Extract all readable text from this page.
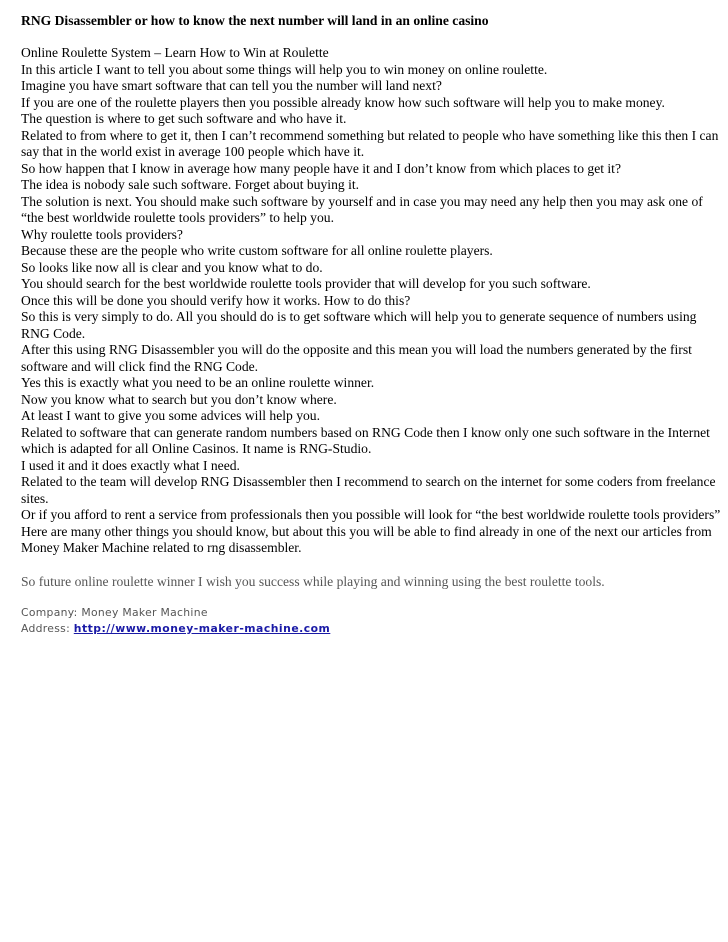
RNG Disassembler or how to know the next number will land in an online casino

Online Roulette System – Learn How to Win at Roulette

In this article I want to tell you about some things will help you to win money on online roulette.

Imagine you have smart software that can tell you the number will land next?

If you are one of the roulette players then you possible already know how such software will help you to make money.

The question is where to get such software and who have it.

Related to from where to get it, then I can’t recommend something but related to people who have something like this then I can say that in the world exist in average 100 people which have it.

So how happen that I know in average how many people have it and I don’t know from which places to get it?

The idea is nobody sale such software. Forget about buying it.

The solution is next. You should make such software by yourself and in case you may need any help then you may ask one of “the best worldwide roulette tools providers” to help you.

Why roulette tools providers?

Because these are the people who write custom software for all online roulette players.

So looks like now all is clear and you know what to do.

You should search for the best worldwide roulette tools provider that will develop for you such software.

Once this will be done you should verify how it works. How to do this?

So this is very simply to do. All you should do is to get software which will help you to generate sequence of numbers using RNG Code.

After this using RNG Disassembler you will do the opposite and this mean you will load the numbers generated by the first software and will click find the RNG Code.

Yes this is exactly what you need to be an online roulette winner.

Now you know what to search but you don’t know where.

At least I want to give you some advices will help you.

Related to software that can generate random numbers based on RNG Code then I know only one such software in the Internet which is adapted for all Online Casinos. It name is RNG-Studio.

I used it and it does exactly what I need.

Related to the team will develop RNG Disassembler then I recommend to search on the internet for some coders from freelance sites.

Or if you afford to rent a service from professionals then you possible will look for “the best worldwide roulette tools providers”

Here are many other things you should know, but about this you will be able to find already in one of the next our articles from Money Maker Machine related to rng disassembler.

So future online roulette winner I wish you success while playing and winning using the best roulette tools.

Company: Money Maker Machine

Address: http://www.money-maker-machine.com
